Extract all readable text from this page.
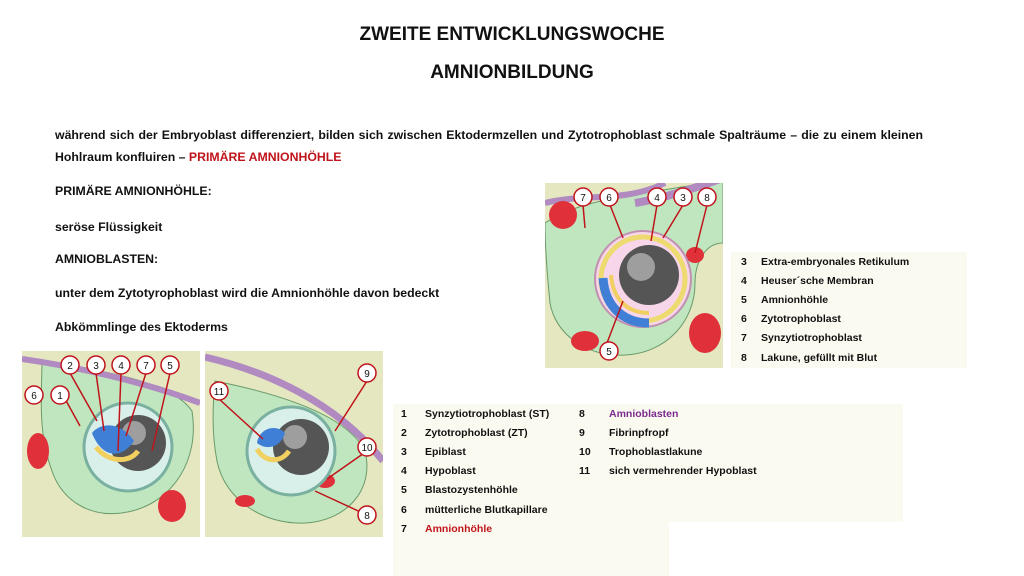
ZWEITE ENTWICKLUNGSWOCHE
AMNIONBILDUNG
während sich der Embryoblast differenziert, bilden sich zwischen Ektodermzellen und Zytotrophoblast schmale Spalträume – die zu einem kleinen Hohlraum konfluiren – PRIMÄRE AMNIONHÖHLE
PRIMÄRE AMNIONHÖHLE:
seröse Flüssigkeit
AMNIOBLASTEN:
unter dem Zytotyrophoblast wird die Amnionhöhle davon bedeckt
Abkömmlinge des Ektoderms
7 6	4 3 8
5
2 3 4 7 5
6 1	11
9
10
8
3	Extra-embryonales Retikulum
4	Heuser´sche Membran
5	Amnionhöhle
6	Zytotrophoblast
7	Synzytiotrophoblast
8	Lakune, gefüllt mit Blut
1	Synzytiotrophoblast (ST)
2	Zytotrophoblast (ZT)
3	Epiblast
4	Hypoblast
5	Blastozystenhöhle
6	mütterliche Blutkapillare
7	Amnionhöhle
8	Amnioblasten
9	Fibrinpfropf
10	Trophoblastlakune
11	sich vermehrender Hypoblast
